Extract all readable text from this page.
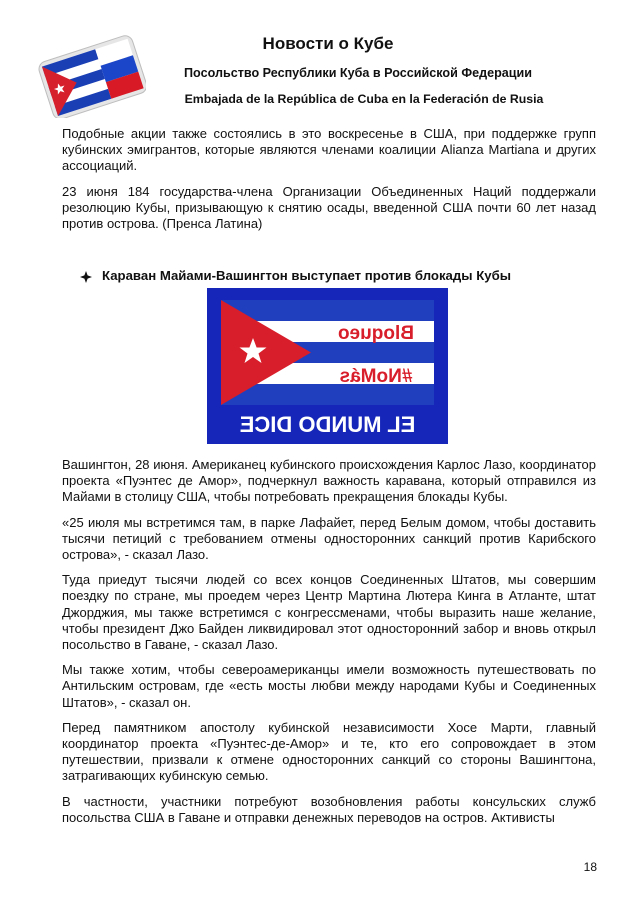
Новости о Кубе

Посольство Республики Куба в Российской Федерации

Embajada de la República de Cuba en la Federación de Rusia

Подобные акции также состоялись в это воскресенье в США, при поддержке групп кубинских эмигрантов, которые являются членами коалиции Alianza Martiana и других ассоциаций.

23 июня 184 государства-члена Организации Объединенных Наций поддержали резолюцию Кубы, призывающую к снятию осады, введенной США почти 60 лет назад против острова. (Пренса Латина)

Караван Майами-Вашингтон выступает против блокады Кубы
Bloqueo
#NoMás
EL MUNDO DICE

Вашингтон, 28 июня. Американец кубинского происхождения Карлос Лазо, координатор проекта «Пуэнтес де Амор», подчеркнул важность каравана, который отправился из Майами в столицу США, чтобы потребовать прекращения блокады Кубы.

«25 июля мы встретимся там, в парке Лафайет, перед Белым домом, чтобы доставить тысячи петиций с требованием отмены односторонних санкций против Карибского острова», - сказал Лазо.

Туда приедут тысячи людей со всех концов Соединенных Штатов, мы совершим поездку по стране, мы проедем через Центр Мартина Лютера Кинга в Атланте, штат Джорджия, мы также встретимся с конгрессменами, чтобы выразить наше желание, чтобы президент Джо Байден ликвидировал этот односторонний забор и вновь открыл посольство в Гаване, - сказал Лазо.

Мы также хотим, чтобы североамериканцы имели возможность путешествовать по Антильским островам, где «есть мосты любви между народами Кубы и Соединенных Штатов», - сказал он.

Перед памятником апостолу кубинской независимости Хосе Марти, главный координатор проекта «Пуэнтес-де-Амор» и те, кто его сопровождает в этом путешествии, призвали к отмене односторонних санкций со стороны Вашингтона, затрагивающих кубинскую семью.

В частности, участники потребуют возобновления работы консульских служб посольства США в Гаване и отправки денежных переводов на остров. Активисты

18
